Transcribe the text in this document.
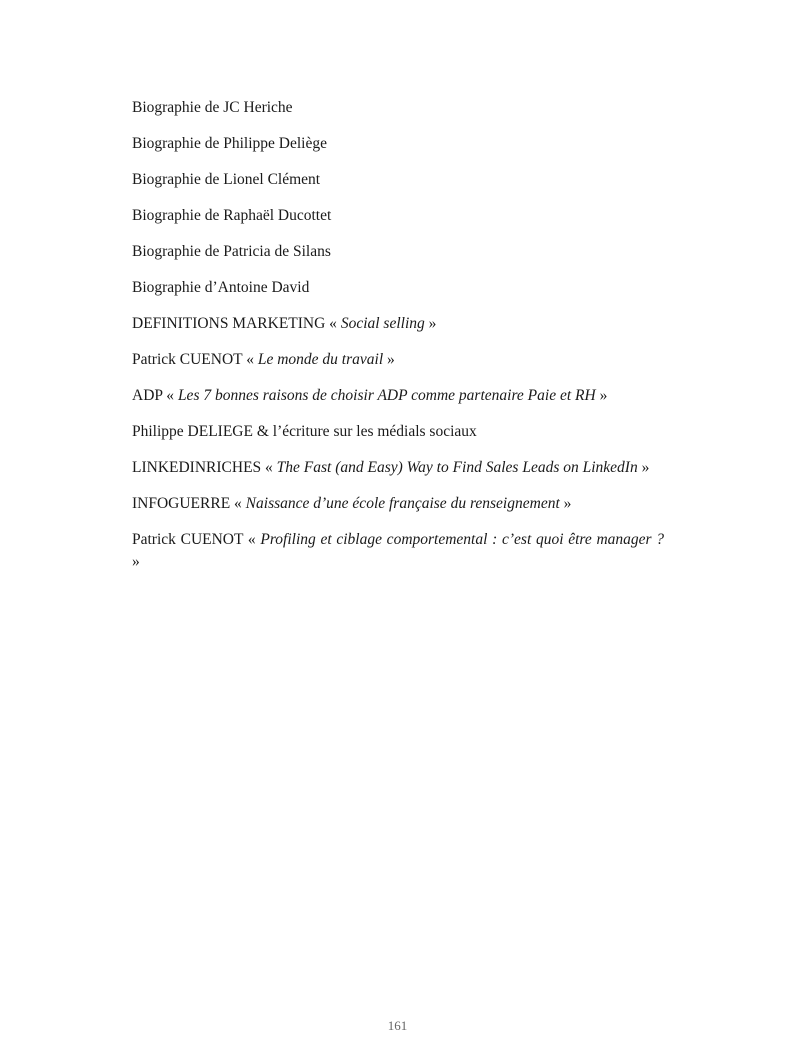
Biographie de JC Heriche

Biographie de Philippe Deliège

Biographie de Lionel Clément

Biographie de Raphaël Ducottet

Biographie de Patricia de Silans

Biographie d’Antoine David

DEFINITIONS MARKETING « Social selling »

Patrick CUENOT « Le monde du travail »

ADP « Les 7 bonnes raisons de choisir ADP comme partenaire Paie et RH »

Philippe DELIEGE & l’écriture sur les médials sociaux

LINKEDINRICHES « The Fast (and Easy) Way to Find Sales Leads on LinkedIn »

INFOGUERRE « Naissance d’une école française du renseignement »

Patrick CUENOT « Profiling et ciblage comportemental : c’est quoi être manager ? »

161
